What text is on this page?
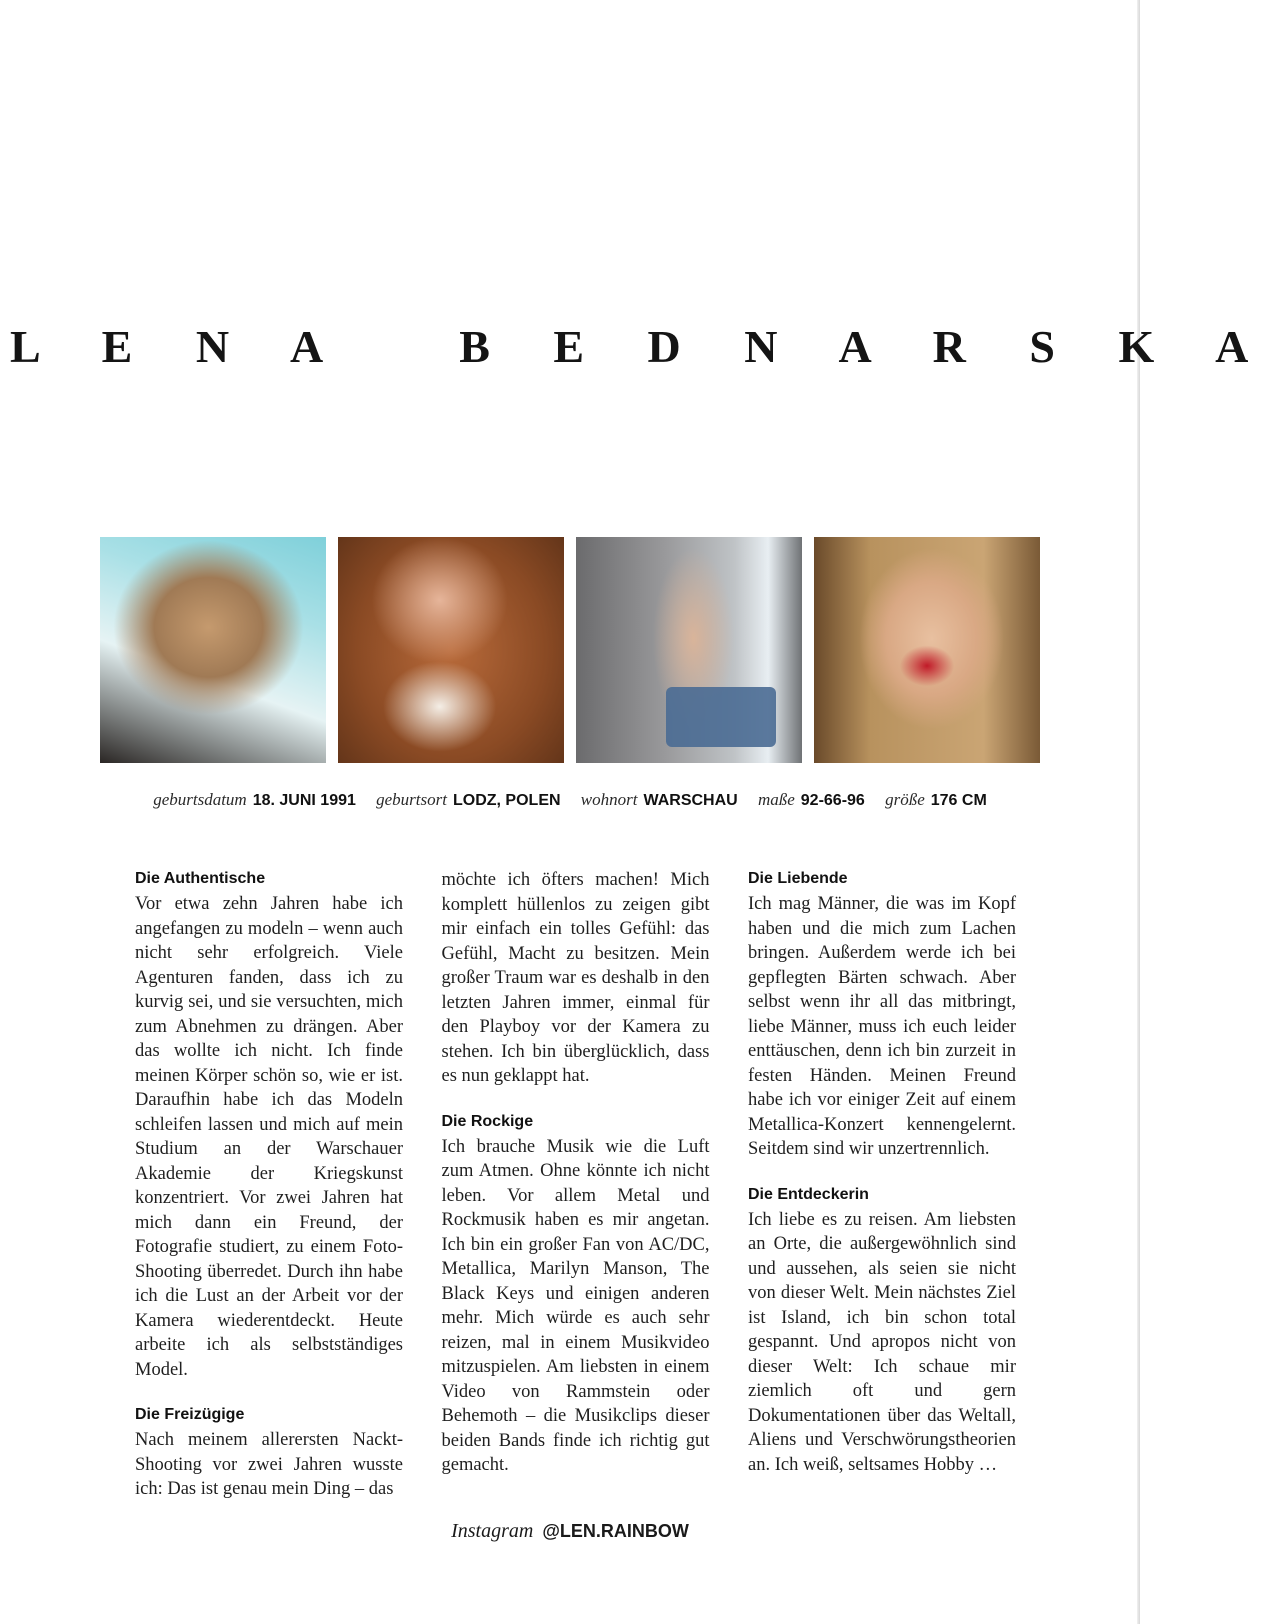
L E N A   B E D N A R S K A
geburtsdatum 18. JUNI 1991 geburtsort LODZ, POLEN wohnort WARSCHAU maße 92-66-96 größe 176 CM
Die Authentische

Vor etwa zehn Jahren habe ich angefangen zu modeln – wenn auch nicht sehr erfolgreich. Viele Agenturen fanden, dass ich zu kurvig sei, und sie versuchten, mich zum Abnehmen zu drängen. Aber das wollte ich nicht. Ich finde meinen Körper schön so, wie er ist. Daraufhin habe ich das Modeln schleifen lassen und mich auf mein Studium an der Warschauer Akademie der Kriegskunst konzentriert. Vor zwei Jahren hat mich dann ein Freund, der Fotografie studiert, zu einem Foto-Shooting überredet. Durch ihn habe ich die Lust an der Arbeit vor der Kamera wiederentdeckt. Heute arbeite ich als selbstständiges Model.

Die Freizügige

Nach meinem allerersten Nackt-Shooting vor zwei Jahren wusste ich: Das ist genau mein Ding – das

möchte ich öfters machen! Mich komplett hüllenlos zu zeigen gibt mir einfach ein tolles Gefühl: das Gefühl, Macht zu besitzen. Mein großer Traum war es deshalb in den letzten Jahren immer, einmal für den Playboy vor der Kamera zu stehen. Ich bin überglücklich, dass es nun geklappt hat.

Die Rockige

Ich brauche Musik wie die Luft zum Atmen. Ohne könnte ich nicht leben. Vor allem Metal und Rockmusik haben es mir angetan. Ich bin ein großer Fan von AC/DC, Metallica, Marilyn Manson, The Black Keys und einigen anderen mehr. Mich würde es auch sehr reizen, mal in einem Musikvideo mitzuspielen. Am liebsten in einem Video von Rammstein oder Behemoth – die Musikclips dieser beiden Bands finde ich richtig gut gemacht.

Die Liebende

Ich mag Männer, die was im Kopf haben und die mich zum Lachen bringen. Außerdem werde ich bei gepflegten Bärten schwach. Aber selbst wenn ihr all das mitbringt, liebe Männer, muss ich euch leider enttäuschen, denn ich bin zurzeit in festen Händen. Meinen Freund habe ich vor einiger Zeit auf einem Metallica-Konzert kennengelernt. Seitdem sind wir unzertrennlich.

Die Entdeckerin

Ich liebe es zu reisen. Am liebsten an Orte, die außergewöhnlich sind und aussehen, als seien sie nicht von dieser Welt. Mein nächstes Ziel ist Island, ich bin schon total gespannt. Und apropos nicht von dieser Welt: Ich schaue mir ziemlich oft und gern Dokumentationen über das Weltall, Aliens und Verschwörungstheorien an. Ich weiß, seltsames Hobby …

Instagram @LEN.RAINBOW
